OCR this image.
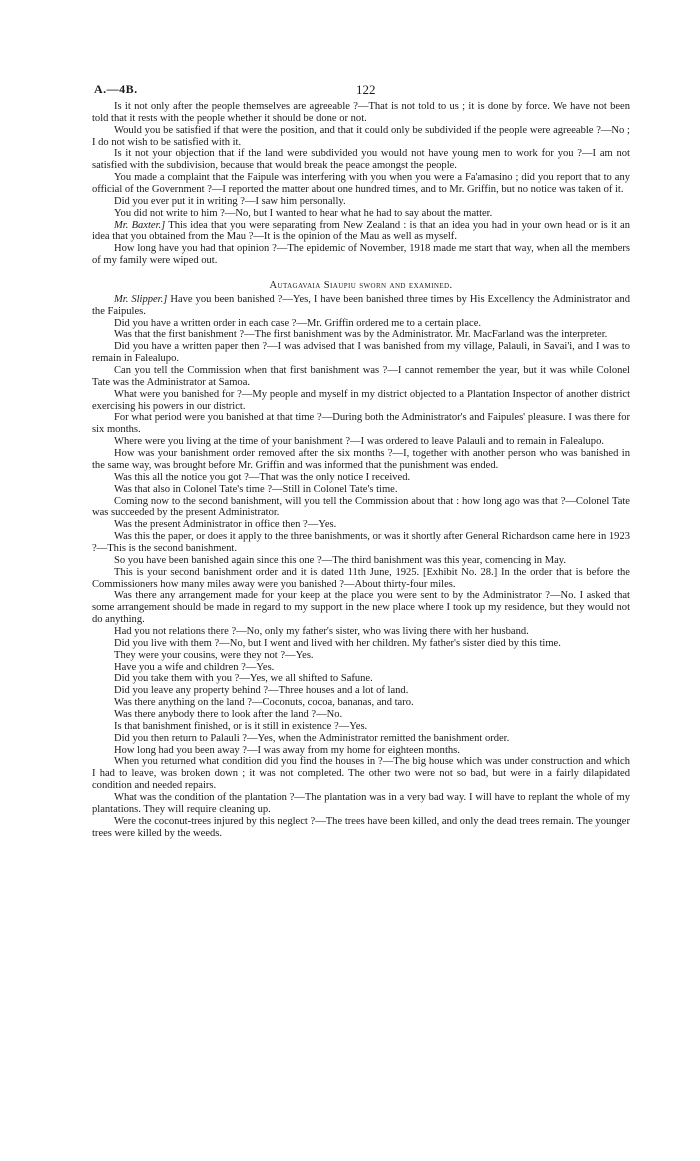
A.—4B.	122

Is it not only after the people themselves are agreeable ?—That is not told to us ; it is done by force. We have not been told that it rests with the people whether it should be done or not.

Would you be satisfied if that were the position, and that it could only be subdivided if the people were agreeable ?—No ; I do not wish to be satisfied with it.

Is it not your objection that if the land were subdivided you would not have young men to work for you ?—I am not satisfied with the subdivision, because that would break the peace amongst the people.

You made a complaint that the Faipule was interfering with you when you were a Fa'amasino ; did you report that to any official of the Government ?—I reported the matter about one hundred times, and to Mr. Griffin, but no notice was taken of it.

Did you ever put it in writing ?—I saw him personally.

You did not write to him ?—No, but I wanted to hear what he had to say about the matter.

Mr. Baxter.] This idea that you were separating from New Zealand : is that an idea you had in your own head or is it an idea that you obtained from the Mau ?—It is the opinion of the Mau as well as myself.

How long have you had that opinion ?—The epidemic of November, 1918 made me start that way, when all the members of my family were wiped out.

Autagavaia Siaupiu sworn and examined.

Mr. Slipper.] Have you been banished ?—Yes, I have been banished three times by His Excellency the Administrator and the Faipules.

Did you have a written order in each case ?—Mr. Griffin ordered me to a certain place.

Was that the first banishment ?—The first banishment was by the Administrator. Mr. MacFarland was the interpreter.

Did you have a written paper then ?—I was advised that I was banished from my village, Palauli, in Savai'i, and I was to remain in Falealupo.

Can you tell the Commission when that first banishment was ?—I cannot remember the year, but it was while Colonel Tate was the Administrator at Samoa.

What were you banished for ?—My people and myself in my district objected to a Plantation Inspector of another district exercising his powers in our district.

For what period were you banished at that time ?—During both the Administrator's and Faipules' pleasure. I was there for six months.

Where were you living at the time of your banishment ?—I was ordered to leave Palauli and to remain in Falealupo.

How was your banishment order removed after the six months ?—I, together with another person who was banished in the same way, was brought before Mr. Griffin and was informed that the punishment was ended.

Was this all the notice you got ?—That was the only notice I received.

Was that also in Colonel Tate's time ?—Still in Colonel Tate's time.

Coming now to the second banishment, will you tell the Commission about that : how long ago was that ?—Colonel Tate was succeeded by the present Administrator.

Was the present Administrator in office then ?—Yes.

Was this the paper, or does it apply to the three banishments, or was it shortly after General Richardson came here in 1923 ?—This is the second banishment.

So you have been banished again since this one ?—The third banishment was this year, comencing in May.

This is your second banishment order and it is dated 11th June, 1925. [Exhibit No. 28.] In the order that is before the Commissioners how many miles away were you banished ?—About thirty-four miles.

Was there any arrangement made for your keep at the place you were sent to by the Administrator ?—No. I asked that some arrangement should be made in regard to my support in the new place where I took up my residence, but they would not do anything.

Had you not relations there ?—No, only my father's sister, who was living there with her husband.

Did you live with them ?—No, but I went and lived with her children. My father's sister died by this time.

They were your cousins, were they not ?—Yes.

Have you a wife and children ?—Yes.

Did you take them with you ?—Yes, we all shifted to Safune.

Did you leave any property behind ?—Three houses and a lot of land.

Was there anything on the land ?—Coconuts, cocoa, bananas, and taro.

Was there anybody there to look after the land ?—No.

Is that banishment finished, or is it still in existence ?—Yes.

Did you then return to Palauli ?—Yes, when the Administrator remitted the banishment order.

How long had you been away ?—I was away from my home for eighteen months.

When you returned what condition did you find the houses in ?—The big house which was under construction and which I had to leave, was broken down ; it was not completed. The other two were not so bad, but were in a fairly dilapidated condition and needed repairs.

What was the condition of the plantation ?—The plantation was in a very bad way. I will have to replant the whole of my plantations. They will require cleaning up.

Were the coconut-trees injured by this neglect ?—The trees have been killed, and only the dead trees remain. The younger trees were killed by the weeds.
